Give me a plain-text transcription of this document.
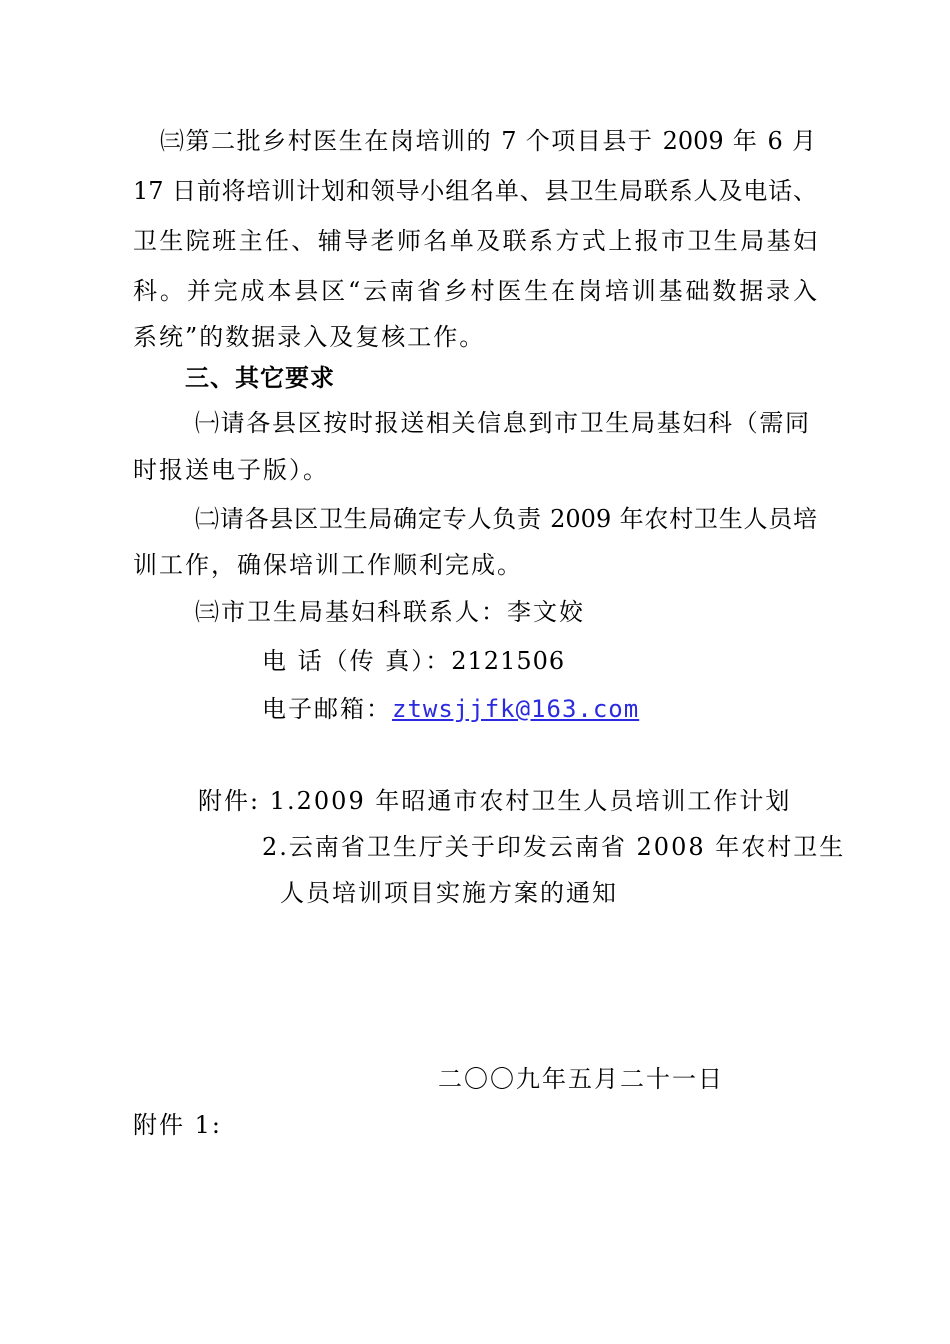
㈢第二批乡村医生在岗培训的 7 个项目县于 2009 年 6 月
17 日前将培训计划和领导小组名单、县卫生局联系人及电话、
卫生院班主任、辅导老师名单及联系方式上报市卫生局基妇
科。并完成本县区“云南省乡村医生在岗培训基础数据录入
系统”的数据录入及复核工作。
三、其它要求
㈠请各县区按时报送相关信息到市卫生局基妇科（需同
时报送电子版）。
㈡请各县区卫生局确定专人负责 2009 年农村卫生人员培
训工作，确保培训工作顺利完成。
㈢市卫生局基妇科联系人：李文姣
电 话（传 真）：2121506
电子邮箱：ztwsjjfk@163.com
附件: 1.2009 年昭通市农村卫生人员培训工作计划
2.云南省卫生厅关于印发云南省 2008 年农村卫生
人员培训项目实施方案的通知
二〇〇九年五月二十一日
附件 1:
